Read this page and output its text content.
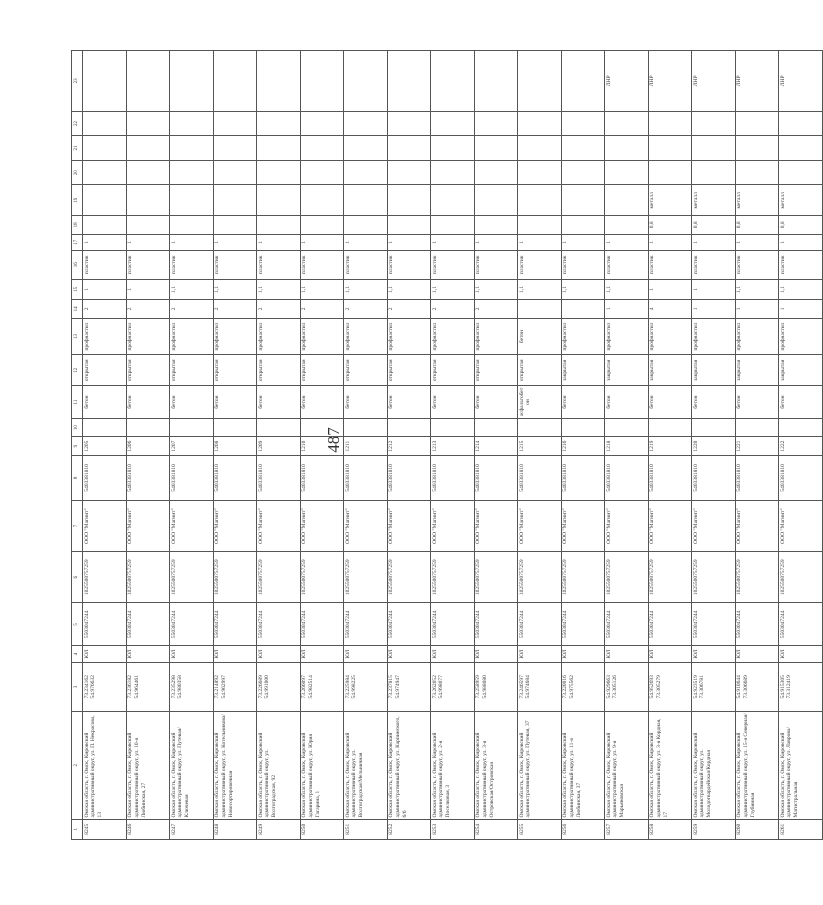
487
1	2	3	4	5	6	7	8	9	10	11	12	13	14	15	16	17	18	19	20	21	22	23
8245	Омская область, г. Омск, Кировский административный округ, ул. П. Некрасова, 13	73.234162 54.976632	ЮЛ	5503047244	1025500757259	ООО "Магнит"	5403381810	1205		бетон	открытая	профнастил	2	1	пластик	1						
8246	Омская область, г. Омск, Кировский административный округ, ул. 10-я Любинская, 27	73.236182 54.964461	ЮЛ	5503047244	1025500757259	ООО "Магнит"	5403381810	1206		бетон	открытая	профнастил	2	1	пластик	1						
8247	Омская область, г. Омск, Кировский административный округ, ул. Путевая/Ключевая	73.235298 54.980358	ЮЛ	5503047244	1025500757259	ООО "Магнит"	5403381810	1207		бетон	открытая	профнастил	2	1,1	пластик	1						
8248	Омская область, г. Омск, Кировский административный округ, ул. Котельникова/Новосортировочная	73.214892 54.962997	ЮЛ	5503047244	1025500757259	ООО "Магнит"	5403381810	1208		бетон	открытая	профнастил	2	1,1	пластик	1						
8249	Омская область, г. Омск, Кировский административный округ, ул. Волгоградская, 92	73.226689 54.991000	ЮЛ	5503047244	1025500757259	ООО "Магнит"	5403381810	1209		бетон	открытая	профнастил	2	1,1	пластик	1						
8250	Омская область, г. Омск, Кировский административный округ, ул. Юрия Гагарина, 1	73.266097 54.982514	ЮЛ	5503047244	1025500757259	ООО "Магнит"	5403381810	1210		бетон	открытая	профнастил	2	1,1	пластик	1						
8251	Омская область, г. Омск, Кировский административный округ, ул. Волгоградская/Мельничная	73.225984 54.998225	ЮЛ	5503047244	1025500757259	ООО "Магнит"	5403381810	1211		бетон	открытая	профнастил	2	1,1	пластик	1						
8252	Омская область, г. Омск, Кировский административный округ, ул. Карпинского, 6/6	73.237815 54.974947	ЮЛ	5503047244	1025500757259	ООО "Магнит"	5403381810	1212		бетон	открытая	профнастил	2	1,1	пластик	1						
8253	Омская область, г. Омск, Кировский административный округ, ул. 2-я Поселковая, 3	73.262052 54.998077	ЮЛ	5503047244	1025500757259	ООО "Магнит"	5403381810	1213		бетон	открытая	профнастил	2	1,1	пластик	1						
8254	Омская область, г. Омск, Кировский административный округ, ул. 3-я Островская/Островская	73.258959 54.988080	ЮЛ	5503047244	1025500757259	ООО "Магнит"	5403381810	1214		бетон	открытая	профнастил	2	1,1	пластик	1						
8255	Омская область, г. Омск, Кировский административный округ, ул. Путевая, 37	73.246597 54.974684	ЮЛ	5503047244	1025500757259	ООО "Магнит"	5403381810	1215		асфальтобетон	открытая	бетон		1,1	пластик	1						
8256	Омская область, г. Омск, Кировский административный округ, ул. 11-я Любинская, 37	73.220016 54.975562	ЮЛ	5503047244	1025500757259	ООО "Магнит"	5403381810	1216		бетон	закрытая	профнастил		1,1	пластик	1						
8257	Омская область, г. Омск, Кировский административный округ, ул. 9-я Марьяновская	54.929663 73.305126	ЮЛ	5503047244	1025500757259	ООО "Магнит"	5403381810	1218		бетон	закрытая	профнастил	1	1,1	пластик	1						ЛНР
8258	Омская область, г. Омск, Кировский административный округ, ул. 3-я Кордная, 17	54.952693 73.305279	ЮЛ	5503047244	1025500757259	ООО "Магнит"	5403381810	1219		бетон	закрытая	профнастил	4	1	пластик	1	0,8	металл				ЛНР
8259	Омская область, г. Омск, Кировский административный округ, ул. Молодогвардейская/Кордная	54.923519 73.306781	ЮЛ	5503047244	1025500757259	ООО "Магнит"	5403381810	1220		бетон	закрытая	профнастил	1	1	пластик	1	0,8	металл				ЛНР
8260	Омская область, г. Омск, Кировский административный округ, ул. 15-я Северная/Глубинная	54.910644 73.306689	ЮЛ	5503047244	1025500757259	ООО "Магнит"	5403381810	1221		бетон	закрытая	профнастил	1	1,1	пластик	1	0,8	металл				ЛНР
8261	Омская область, г. Омск, Кировский административный округ, ул. Лаврова/Магистральная	54.915305 73.312419	ЮЛ	5503047244	1025500757259	ООО "Магнит"	5403381810	1222		бетон	закрытая	профнастил	1	1,1	пластик	1	0,8	металл				ЛНР
